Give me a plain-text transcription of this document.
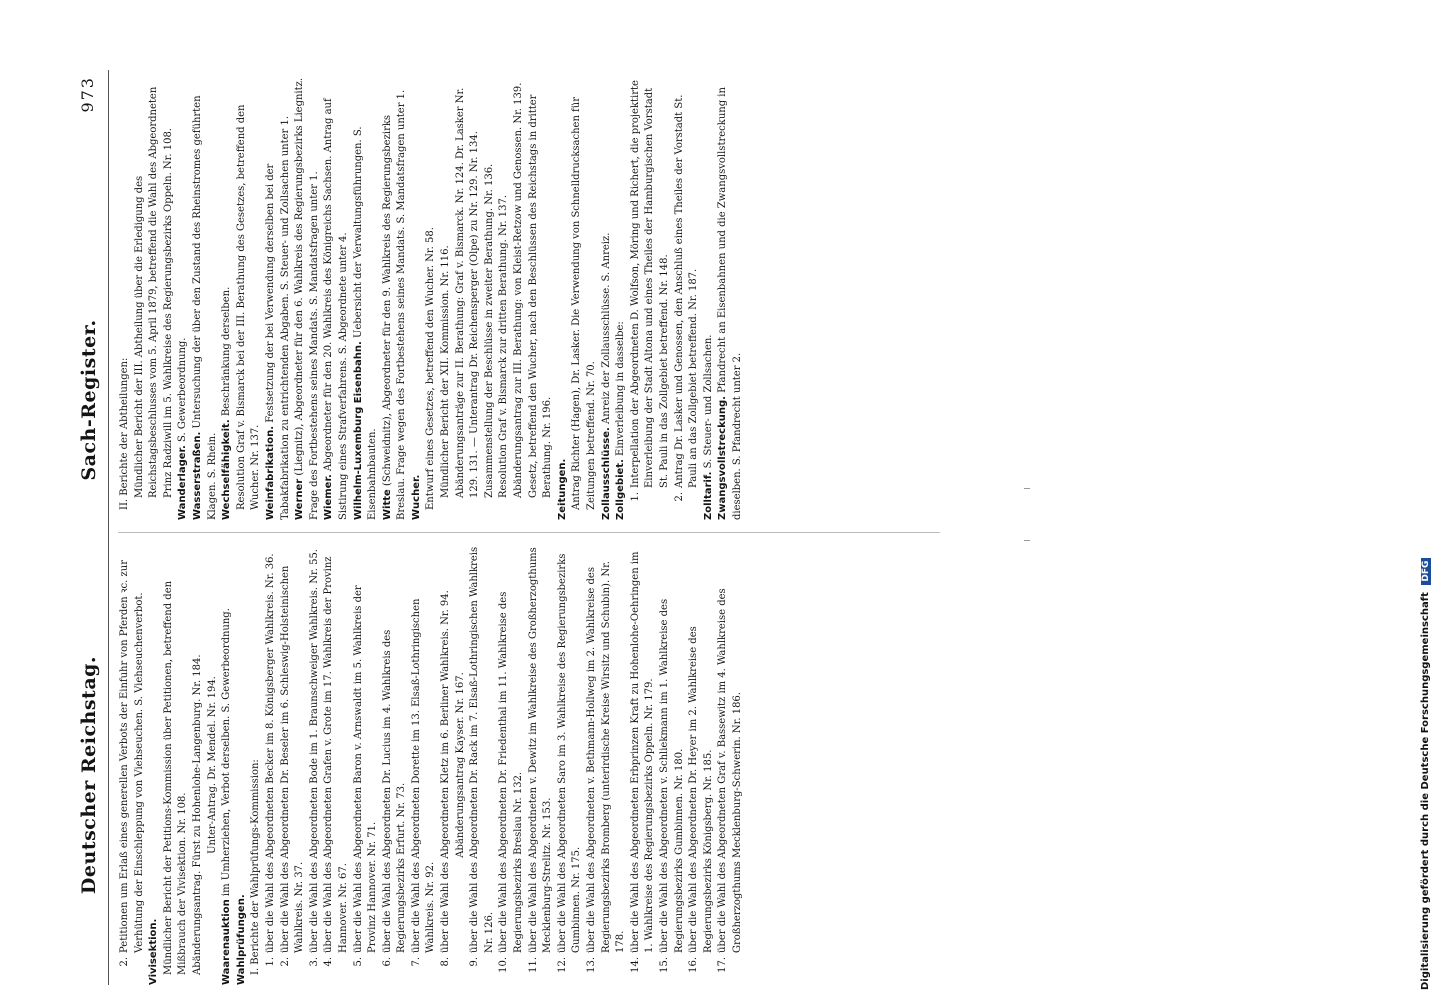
Deutscher Reichstag.
Sach-Register.
973

2.Petitionen um Erlaß eines generellen Verbots der Einfuhr von Pferden ꝛc. zur Verhütung der Einschleppung von Viehseuchen. S. Viehseuchenverbot. Vivisektion. Mündlicher Bericht der Petitions-Kommission über Petitionen, betreffend den Mißbrauch der Vivisektion. Nr. 108. Abänderungsantrag. Fürst zu Hohenlohe-Langenburg. Nr. 184. Unter-Antrag. Dr. Mendel. Nr. 194.

Waarenauktion im Umherziehen, Verbot derselben. S. Gewerbeordnung.

Wahlprüfungen. I. Berichte der Wahlprüfungs-Kommission: 1.über die Wahl des Abgeordneten Becker im 8. Königsberger Wahlkreis. Nr. 36.

2.über die Wahl des Abgeordneten Dr. Beseler im 6. Schleswig-Holsteinischen Wahlkreis. Nr. 37.

3.über die Wahl des Abgeordneten Bode im 1. Braunschweiger Wahlkreis. Nr. 55.

4.über die Wahl des Abgeordneten Grafen v. Grote im 17. Wahlkreis der Provinz Hannover. Nr. 67.

5.über die Wahl des Abgeordneten Baron v. Arnswaldt im 5. Wahlkreis der Provinz Hannover. Nr. 71.

6.über die Wahl des Abgeordneten Dr. Lucius im 4. Wahlkreis des Regierungsbezirks Erfurt. Nr. 73.

7.über die Wahl des Abgeordneten Dorette im 13. Elsaß-Lothringischen Wahlkreis. Nr. 92.

8.über die Wahl des Abgeordneten Kletz im 6. Berliner Wahlkreis. Nr. 94. Abänderungsantrag Kayser. Nr. 167.

9.über die Wahl des Abgeordneten Dr. Rack im 7. Elsaß-Lothringischen Wahlkreis Nr. 126.

10.über die Wahl des Abgeordneten Dr. Friedenthal im 11. Wahlkreise des Regierungsbezirks Breslau Nr. 132.

11.über die Wahl des Abgeordneten v. Dewitz im Wahlkreise des Großherzogthums Mecklenburg-Strelitz. Nr. 153.

12.über die Wahl des Abgeordneten Saro im 3. Wahlkreise des Regierungsbezirks Gumbinnen. Nr. 175.

13.über die Wahl des Abgeordneten v. Bethmann-Hollweg im 2. Wahlkreise des Regierungsbezirks Bromberg (unterirdische Kreise Wirsitz und Schubin). Nr. 178.

14.über die Wahl des Abgeordneten Erbprinzen Kraft zu Hohenlohe-Oehringen im 1. Wahlkreise des Regierungsbezirks Oppeln. Nr. 179.

15.über die Wahl des Abgeordneten v. Schliekmann im 1. Wahlkreise des Regierungsbezirks Gumbinnen. Nr. 180.

16.über die Wahl des Abgeordneten Dr. Heyer im 2. Wahlkreise des Regierungsbezirks Königsberg. Nr. 185.

17.über die Wahl des Abgeordneten Graf v. Bassewitz im 4. Wahlkreise des Großherzogthums Mecklenburg-Schwerin. Nr. 186.

II. Berichte der Abtheilungen: Mündlicher Bericht der III. Abtheilung über die Erledigung des Reichstagsbeschlusses vom 5. April 1879, betreffend die Wahl des Abgeordneten Prinz Radziwill im 5. Wahlkreise des Regierungsbezirks Oppeln. Nr. 108. Wanderlager. S. Gewerbeordnung.

Wasserstraßen. Untersuchung der über den Zustand des Rheinstromes geführten Klagen. S. Rhein. Wechselfähigkeit. Beschränkung derselben. Resolution Graf v. Bismarck bei der III. Berathung des Gesetzes, betreffend den Wucher. Nr. 137. Weinfabrikation. Festsetzung der bei Verwendung derselben bei der Tabakfabrikation zu entrichtenden Abgaben. S. Steuer- und Zollsachen unter 1. Werner (Liegnitz), Abgeordneter für den 6. Wahlkreis des Regierungsbezirks Liegnitz. Frage des Fortbestehens seines Mandats. S. Mandatsfragen unter 1. Wiemer. Abgeordneter für den 20. Wahlkreis des Königreichs Sachsen. Antrag auf Sistirung eines Strafverfahrens. S. Abgeordnete unter 4. Wilhelm-Luxemburg Eisenbahn. Uebersicht der Verwaltungsführungen. S. Eisenbahnbauten. Witte (Schweidnitz), Abgeordneter für den 9. Wahlkreis des Regierungsbezirks Breslau. Frage wegen des Fortbestehens seines Mandats. S. Mandatsfragen unter 1. Wucher. Entwurf eines Gesetzes, betreffend den Wucher. Nr. 58. Mündlicher Bericht der XII. Kommission. Nr. 116. Abänderungsanträge zur II. Berathung: Graf v. Bismarck. Nr. 124. Dr. Lasker Nr. 129. 131. — Unterantrag Dr. Reichensperger (Olpe) zu Nr. 129. Nr. 134. Zusammenstellung der Beschlüsse in zweiter Berathung. Nr. 136. Resolution Graf v. Bismarck zur dritten Berathung. Nr. 137. Abänderungsantrag zur III. Berathung: von Kleist-Retzow und Genossen. Nr. 139. Gesetz, betreffend den Wucher, nach den Beschlüssen des Reichstags in dritter Berathung. Nr. 196. Zeitungen. Antrag Richter (Hagen), Dr. Lasker. Die Verwendung von Schnelldrucksachen für Zeitungen betreffend. Nr. 70. Zollausschlüsse. Anreiz der Zollausschlüsse. S. Anreiz.

Zollgebiet. Einverleibung in dasselbe:

1.Interpellation der Abgeordneten D. Wolfson, Möring und Richert, die projektirte Einverleibung der Stadt Altona und eines Theiles der Hamburgischen Vorstadt St. Pauli in das Zollgebiet betreffend. Nr. 148.

2.Antrag Dr. Lasker und Genossen, den Anschluß eines Theiles der Vorstadt St. Pauli an das Zollgebiet betreffend. Nr. 187.

Zolltarif. S. Steuer- und Zollsachen. Zwangsvollstreckung. Pfandrecht an Eisenbahnen und die Zwangsvollstreckung in dieselben. S. Pfandrecht unter 2.

Digitalisierung gefördert durch die Deutsche Forschungsgemeinschaft DFG
